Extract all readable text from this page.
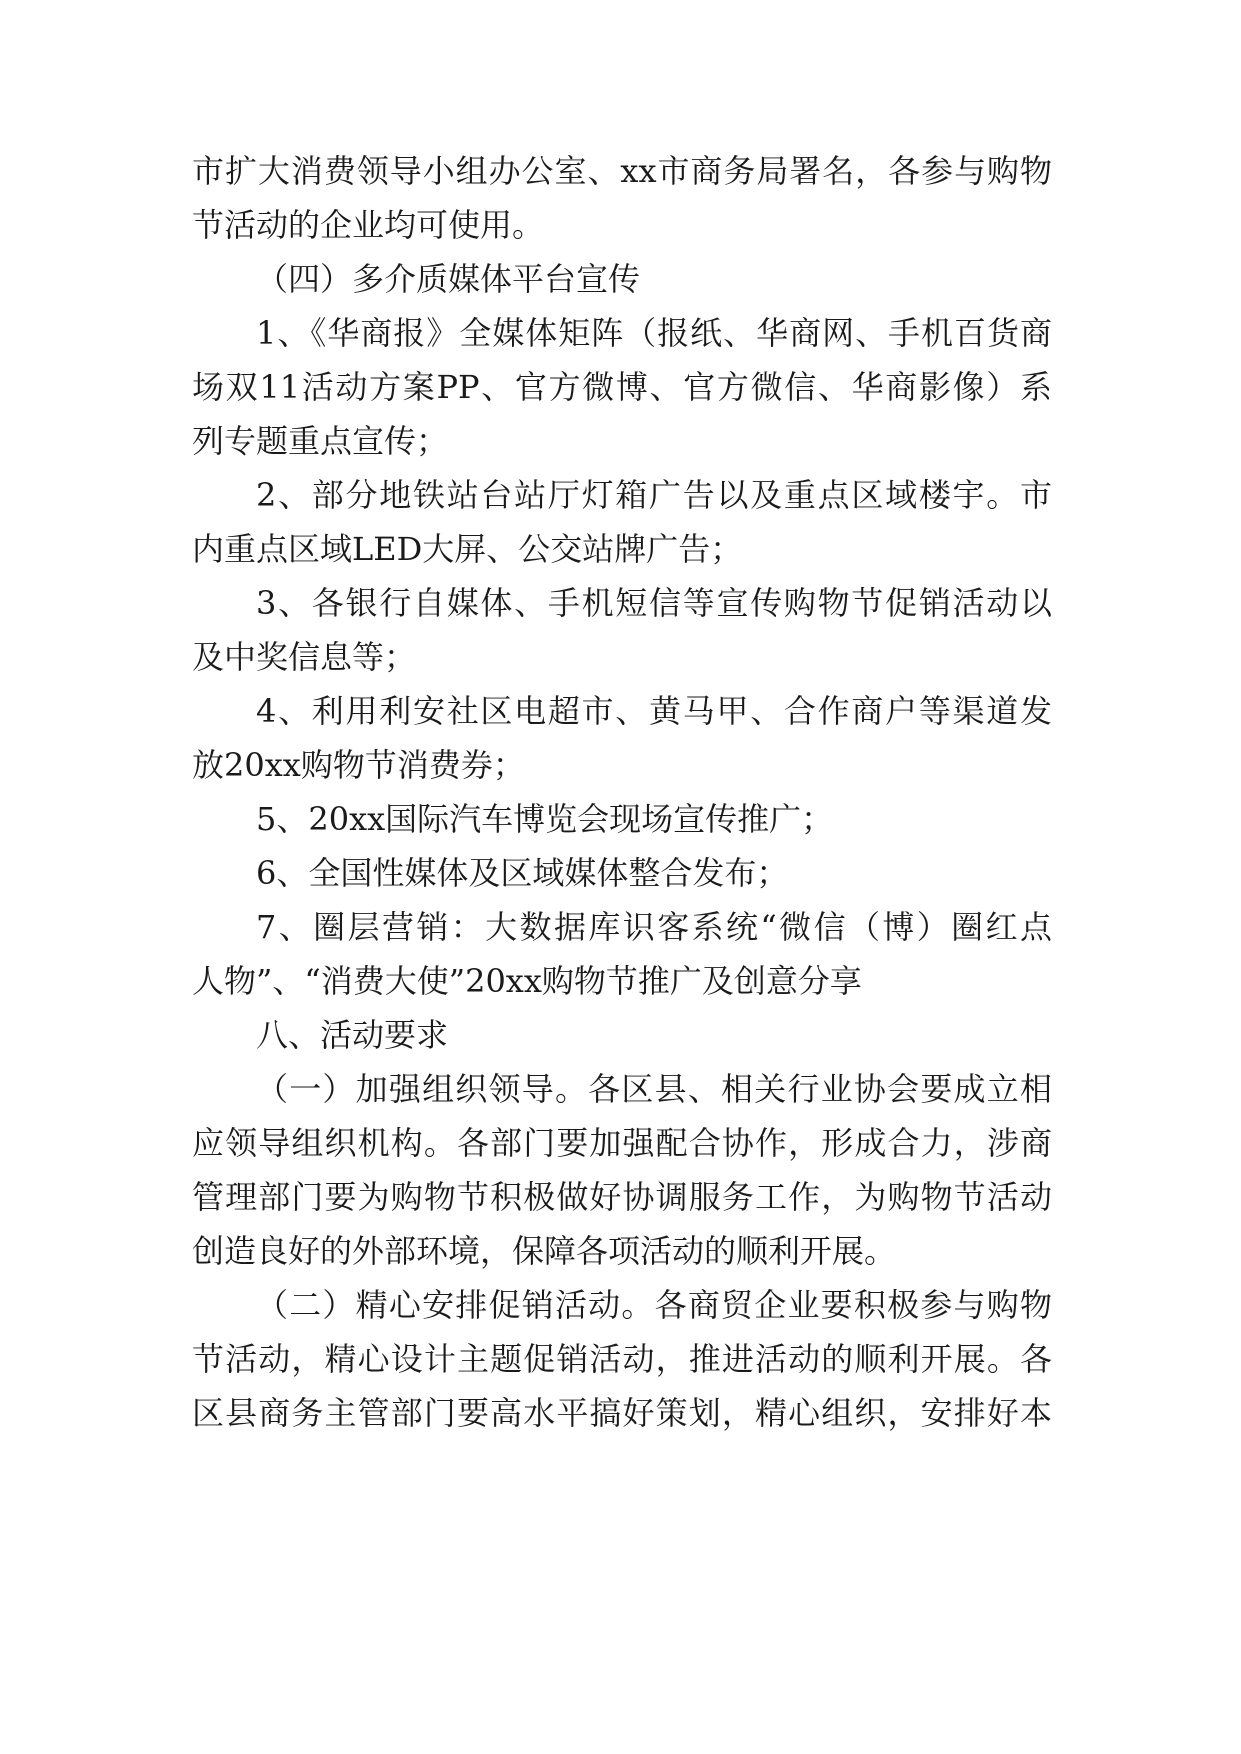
市扩大消费领导小组办公室、xx市商务局署名，各参与购物
节活动的企业均可使用。
（四）多介质媒体平台宣传
1、《华商报》全媒体矩阵（报纸、华商网、手机百货商
场双11活动方案PP、官方微博、官方微信、华商影像）系
列专题重点宣传；
2、部分地铁站台站厅灯箱广告以及重点区域楼宇。市
内重点区域LED大屏、公交站牌广告；
3、各银行自媒体、手机短信等宣传购物节促销活动以
及中奖信息等；
4、利用利安社区电超市、黄马甲、合作商户等渠道发
放20xx购物节消费券；
5、20xx国际汽车博览会现场宣传推广；
6、全国性媒体及区域媒体整合发布；
7、圈层营销：大数据库识客系统“微信（博）圈红点
人物”、“消费大使”20xx购物节推广及创意分享
八、活动要求
（一）加强组织领导。各区县、相关行业协会要成立相
应领导组织机构。各部门要加强配合协作，形成合力，涉商
管理部门要为购物节积极做好协调服务工作，为购物节活动
创造良好的外部环境，保障各项活动的顺利开展。
（二）精心安排促销活动。各商贸企业要积极参与购物
节活动，精心设计主题促销活动，推进活动的顺利开展。各
区县商务主管部门要高水平搞好策划，精心组织，安排好本
